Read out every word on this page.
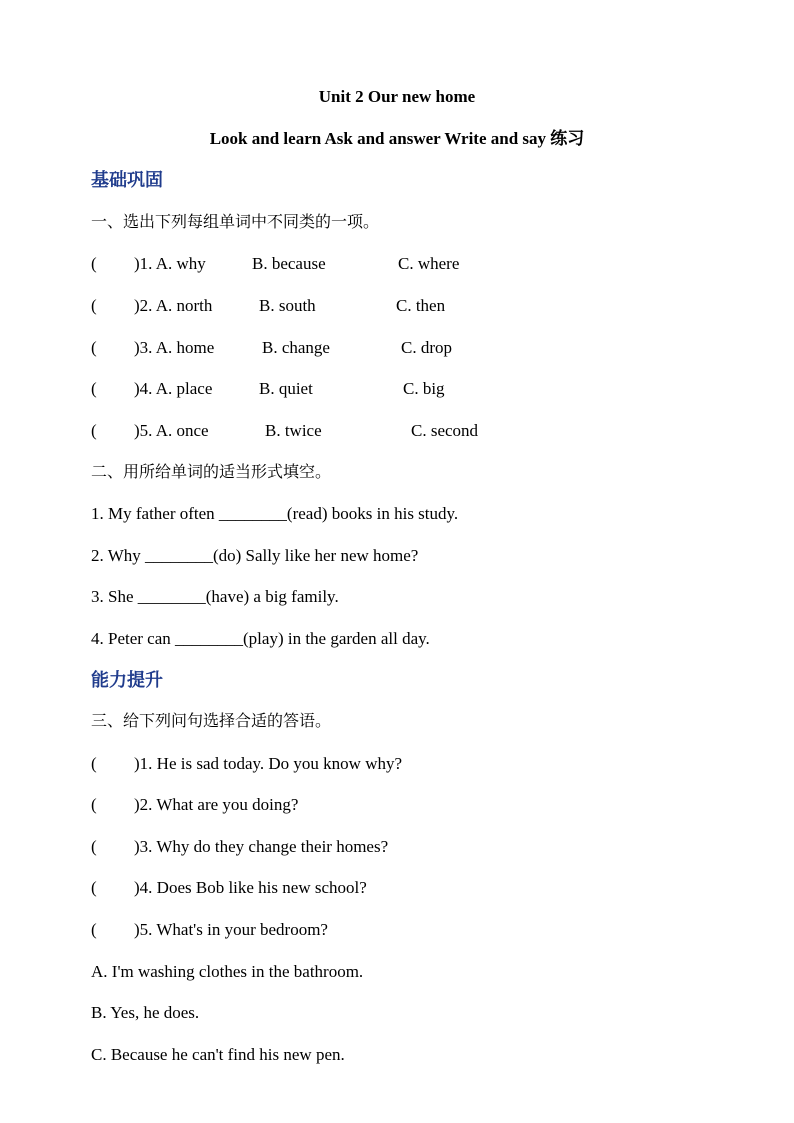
Unit 2 Our new home
Look and learn Ask and answer Write and say 练习
基础巩固
一、选出下列每组单词中不同类的一项。
( )1. A. why	B. because	C. where
( )2. A. north	B. south	C. then
( )3. A. home	B. change	C. drop
( )4. A. place	B. quiet	C. big
( )5. A. once	B. twice	C. second
二、用所给单词的适当形式填空。
1. My father often ________(read) books in his study.
2. Why ________(do) Sally like her new home?
3. She ________(have) a big family.
4. Peter can ________(play) in the garden all day.
能力提升
三、给下列问句选择合适的答语。
( )1. He is sad today. Do you know why?
( )2. What are you doing?
( )3. Why do they change their homes?
( )4. Does Bob like his new school?
( )5. What's in your bedroom?
A. I'm washing clothes in the bathroom.
B. Yes, he does.
C. Because he can't find his new pen.
